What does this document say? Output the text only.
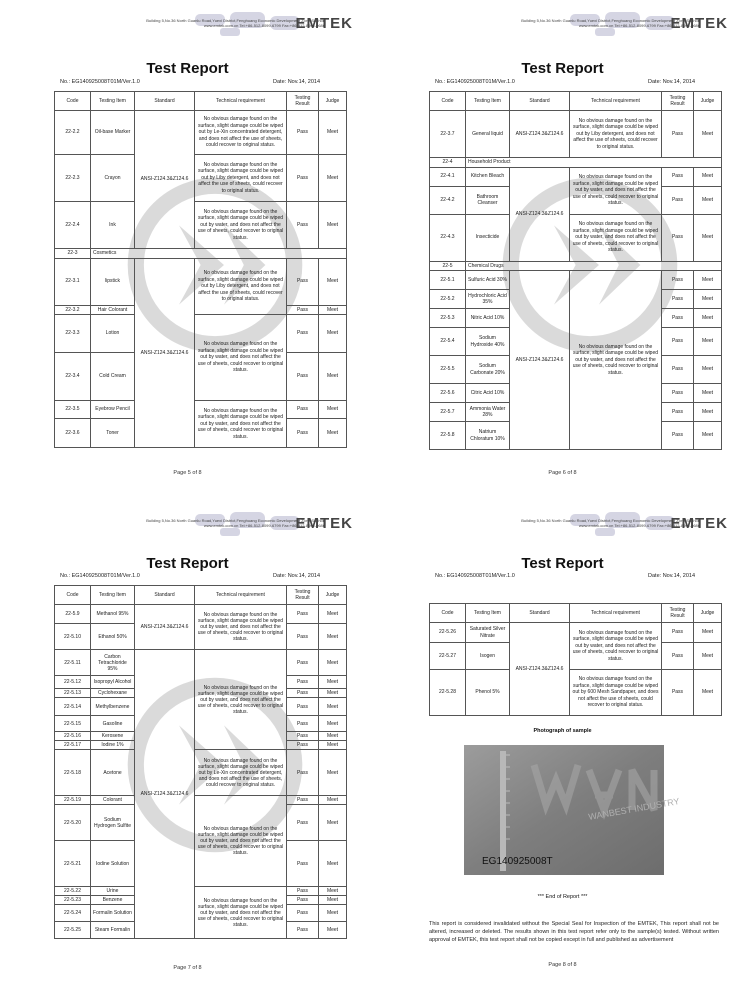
Building 5,No.36 North Guanlu Road,Yuexi District,Fenghuang Economic Development Zone,Suzhou
www.emtek.com.cn Tel:+86-512-8099-6799 Fax:+86-512-8099-0686
EMTEK
Test Report
No.: EG140925008T01M/Ver.1.0	Date: Nov.14, 2014
Code	Testing Item	Standard	Technical requirement	Testing Result	Judge
22-2.2	Oil-base Marker	ANSI-Z124.3&Z124.6	No obvious damage found on the surface, slight damage could be wiped out by Le-Xin concentrated detergent, and does not affect the use of sheets, could recover to original status.	Pass	Meet
22-2.3	Crayon		No obvious damage found on the surface, slight damage could be wiped out by Liby detergent, and does not affect the use of sheets, could recover to original status.	Pass	Meet
22-2.4	Ink		No obvious damage found on the surface, slight damage could be wiped out by water, and does not affect the use of sheets, could recover to original status.	Pass	Meet
22-3	Cosmetics				
22-3.1	lipstick	ANSI-Z124.3&Z124.6	No obvious damage found on the surface, slight damage could be wiped out by Liby detergent, and does not affect the use of sheets, could recover to original status.	Pass	Meet
22-3.2	Hair Colorant			Pass	Meet
22-3.3	Lotion		No obvious damage found on the surface, slight damage could be wiped out by water, and does not affect the use of sheets, could recover to original status.	Pass	Meet
22-3.4	Cold Cream			Pass	Meet
22-3.5	Eyebrow Pencil		No obvious damage found on the surface, slight damage could be wiped out by water, and does not affect the use of sheets, could recover to original status.	Pass	Meet
22-3.6	Toner			Pass	Meet
Page 5 of 8
Building 5,No.36 North Guanlu Road,Yuexi District,Fenghuang Economic Development Zone,Suzhou
www.emtek.com.cn Tel:+86-512-8099-6799 Fax:+86-512-8099-0686
EMTEK
Test Report
No.: EG140925008T01M/Ver.1.0	Date: Nov.14, 2014
Code	Testing Item	Standard	Technical requirement	Testing Result	Judge
22-3.7	General liquid	ANSI-Z124.3&Z124.6	No obvious damage found on the surface, slight damage could be wiped out by Liby detergent, and does not affect the use of sheets, could recover to original status.	Pass	Meet
22-4	Household Product				
22-4.1	Kitchen Bleach	ANSI-Z124.3&Z124.6	No obvious damage found on the surface, slight damage could be wiped out by water, and does not affect the use of sheets, could recover to original status.	Pass	Meet
22-4.2	Bathroom Cleanser			Pass	Meet
22-4.3	Insecticide		No obvious damage found on the surface, slight damage could be wiped out by water, and does not affect the use of sheets, could recover to original status.	Pass	Meet
22-5	Chemical Drugs				
22-5.1	Sulfuric Acid 30%	ANSI-Z124.3&Z124.6	No obvious damage found on the surface, slight damage could be wiped out by water, and does not affect the use of sheets, could recover to original status.	Pass	Meet
22-5.2	Hydrochloric Acid 35%			Pass	Meet
22-5.3	Nitric Acid 10%			Pass	Meet
22-5.4	Sodium Hydroxide 40%			Pass	Meet
22-5.5	Sodium Carbonate 20%			Pass	Meet
22-5.6	Citric Acid 10%			Pass	Meet
22-5.7	Ammonia Water 28%			Pass	Meet
22-5.8	Natrium Chloratum 10%			Pass	Meet
Page 6 of 8
Building 5,No.36 North Guanlu Road,Yuexi District,Fenghuang Economic Development Zone,Suzhou
www.emtek.com.cn Tel:+86-512-8099-6799 Fax:+86-512-8099-0686
EMTEK
Test Report
No.: EG140925008T01M/Ver.1.0	Date: Nov.14, 2014
Code	Testing Item	Standard	Technical requirement	Testing Result	Judge
22-5.9	Methanol 95%	ANSI-Z124.3&Z124.6	No obvious damage found on the surface, slight damage could be wiped out by water, and does not affect the use of sheets, could recover to original status.	Pass	Meet
22-5.10	Ethanol 50%			Pass	Meet
22-5.11	Carbon Tetrachloride 95%	ANSI-Z124.3&Z124.6	No obvious damage found on the surface, slight damage could be wiped out by water, and does not affect the use of sheets, could recover to original status.	Pass	Meet
22-5.12	Isopropyl Alcohol			Pass	Meet
22-5.13	Cyclohexane			Pass	Meet
22-5.14	Methylbenzene			Pass	Meet
22-5.15	Gasoline			Pass	Meet
22-5.16	Kerosene			Pass	Meet
22-5.17	Iodine 1%			Pass	Meet
22-5.18	Acetone		No obvious damage found on the surface, slight damage could be wiped out by Le-Xin concentrated detergent, and does not affect the use of sheets, could recover to original status.	Pass	Meet
22-5.19	Colorant		No obvious damage found on the surface, slight damage could be wiped out by water, and does not affect the use of sheets, could recover to original status.	Pass	Meet
22-5.20	Sodium Hydrogen Sulfite			Pass	Meet
22-5.21	Iodine Solution			Pass	Meet
22-5.22	Urine		No obvious damage found on the surface, slight damage could be wiped out by water, and does not affect the use of sheets, could recover to original status.	Pass	Meet
22-5.23	Benzene			Pass	Meet
22-5.24	Formalin Solution			Pass	Meet
22-5.25	Steam Formalin			Pass	Meet
Page 7 of 8
Building 5,No.36 North Guanlu Road,Yuexi District,Fenghuang Economic Development Zone,Suzhou
www.emtek.com.cn Tel:+86-512-8099-6799 Fax:+86-512-8099-0686
EMTEK
Test Report
No.: EG140925008T01M/Ver.1.0	Date: Nov.14, 2014
Code	Testing Item	Standard	Technical requirement	Testing Result	Judge
22-5.26	Saturated Silver Nitrate	ANSI-Z124.3&Z124.6	No obvious damage found on the surface, slight damage could be wiped out by water, and does not affect the use of sheets, could recover to original status.	Pass	Meet
22-5.27	Isogen			Pass	Meet
22-5.28	Phenol 5%		No obvious damage found on the surface, slight damage could be wiped out by 600 Mesh Sandpaper, and does not affect the use of sheets, could recover to original status.	Pass	Meet
Photograph of sample
WANBEST INDUSTRY
EG140925008T
*** End of Report ***
This report is considered invalidated without the Special Seal for Inspection of the EMTEK, This report shall not be altered, increased or deleted. The results shown in this test report refer only to the sample(s) tested. Without written approval of EMTEK, this test report shall not be copied except in full and published as advertisement
Page 8 of 8
